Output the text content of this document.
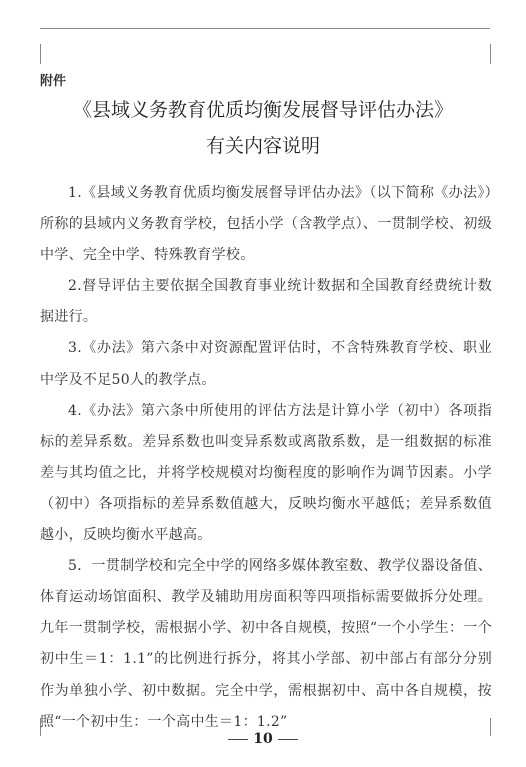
附件
《县域义务教育优质均衡发展督导评估办法》
有关内容说明

1.《县域义务教育优质均衡发展督导评估办法》（以下简称《办法》）所称的县域内义务教育学校，包括小学（含教学点）、一贯制学校、初级中学、完全中学、特殊教育学校。

2.督导评估主要依据全国教育事业统计数据和全国教育经费统计数据进行。

3.《办法》第六条中对资源配置评估时，不含特殊教育学校、职业中学及不足50人的教学点。

4.《办法》第六条中所使用的评估方法是计算小学（初中）各项指标的差异系数。差异系数也叫变异系数或离散系数，是一组数据的标准差与其均值之比，并将学校规模对均衡程度的影响作为调节因素。小学（初中）各项指标的差异系数值越大，反映均衡水平越低；差异系数值越小，反映均衡水平越高。

5．一贯制学校和完全中学的网络多媒体教室数、教学仪器设备值、体育运动场馆面积、教学及辅助用房面积等四项指标需要做拆分处理。九年一贯制学校，需根据小学、初中各自规模，按照“一个小学生：一个初中生＝1：1.1”的比例进行拆分，将其小学部、初中部占有部分分别作为单独小学、初中数据。完全中学，需根据初中、高中各自规模，按照“一个初中生：一个高中生＝1：1.2”

10
